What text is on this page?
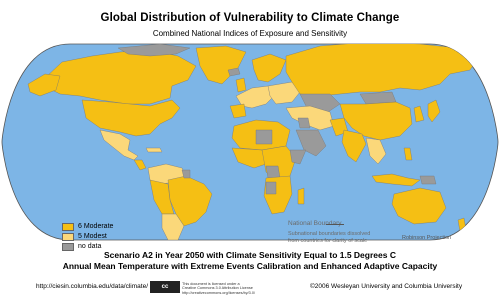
Global Distribution of Vulnerability to Climate Change
Combined National Indices of Exposure and Sensitivity
6 Moderate
5 Modest
no data
National Boundary
Subnational boundaries dissolved
from countries for clarity of scale	Robinson Projection
Scenario A2 in Year 2050 with Climate Sensitivity Equal to 1.5 Degrees C
Annual Mean Temperature with Extreme Events Calibration and Enhanced Adaptive Capacity
http://ciesin.columbia.edu/data/climate/	cc	This document is licensed under a
Creative Commons 3.0 Attribution License
http://creativecommons.org/licenses/by/3.0/
©2006 Wesleyan University and Columbia University
